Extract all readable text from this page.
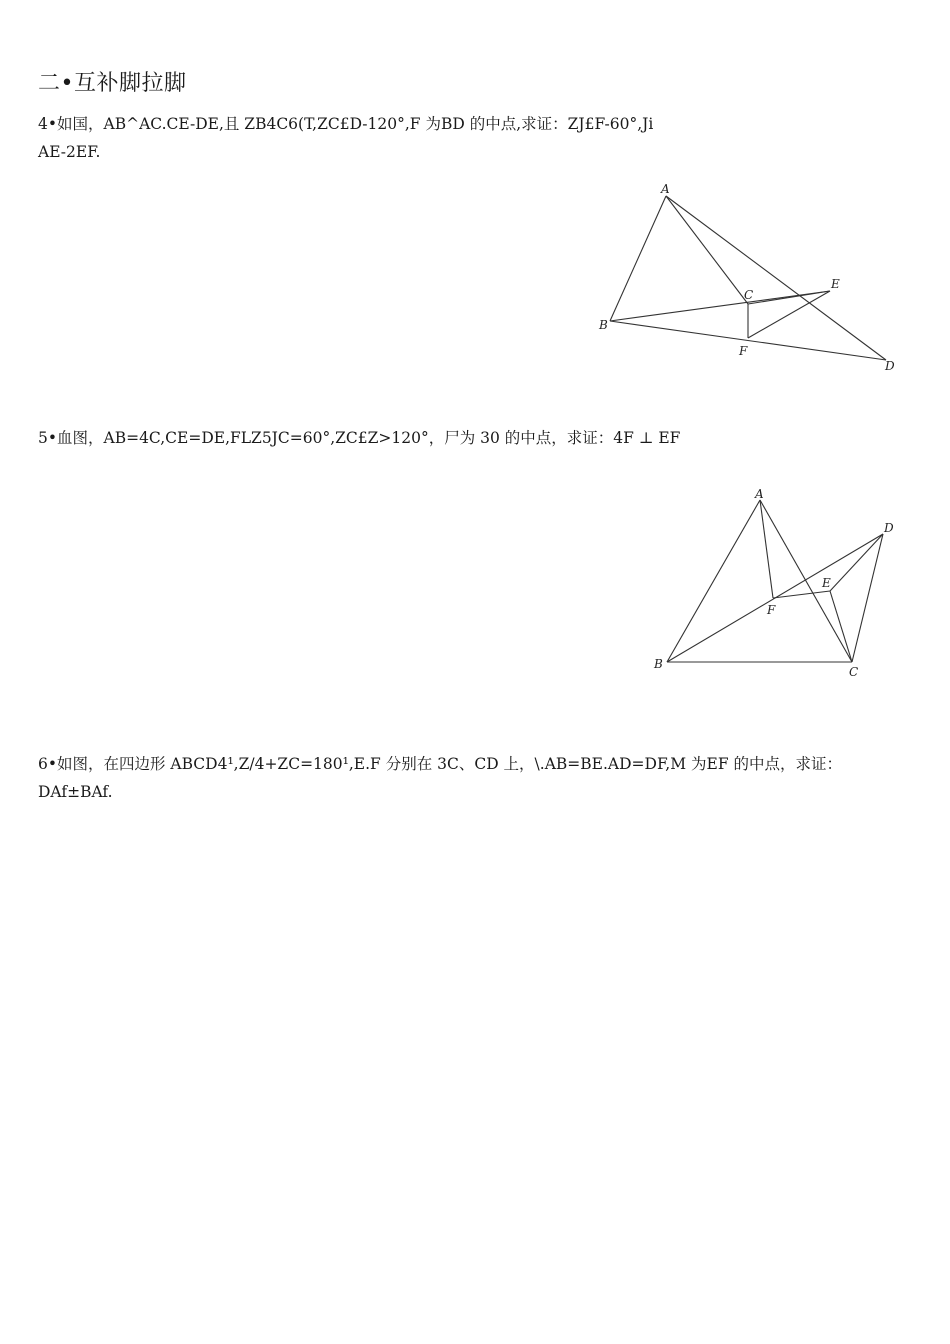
二•互补脚拉脚
4•如国，AB^AC.CE-DE,且 ZB4C6(T,ZC£D-120°,F 为BD 的中点,求证：ZJ£F-60°,Ji
AE-2EF.
A
B
C
D
E
F
5•血图，AB=4C,CE=DE,FLZ5JC=60°,ZC£Z>120°，尸为 30 的中点，求证：4F ⊥ EF
A
B
C
D
E
F
6•如图，在四边形 ABCD4¹,Z/4+ZC=180¹,E.F 分别在 3C、CD 上，\.AB=BE.AD=DF,M 为EF 的中点，求证：
DAf±BAf.
